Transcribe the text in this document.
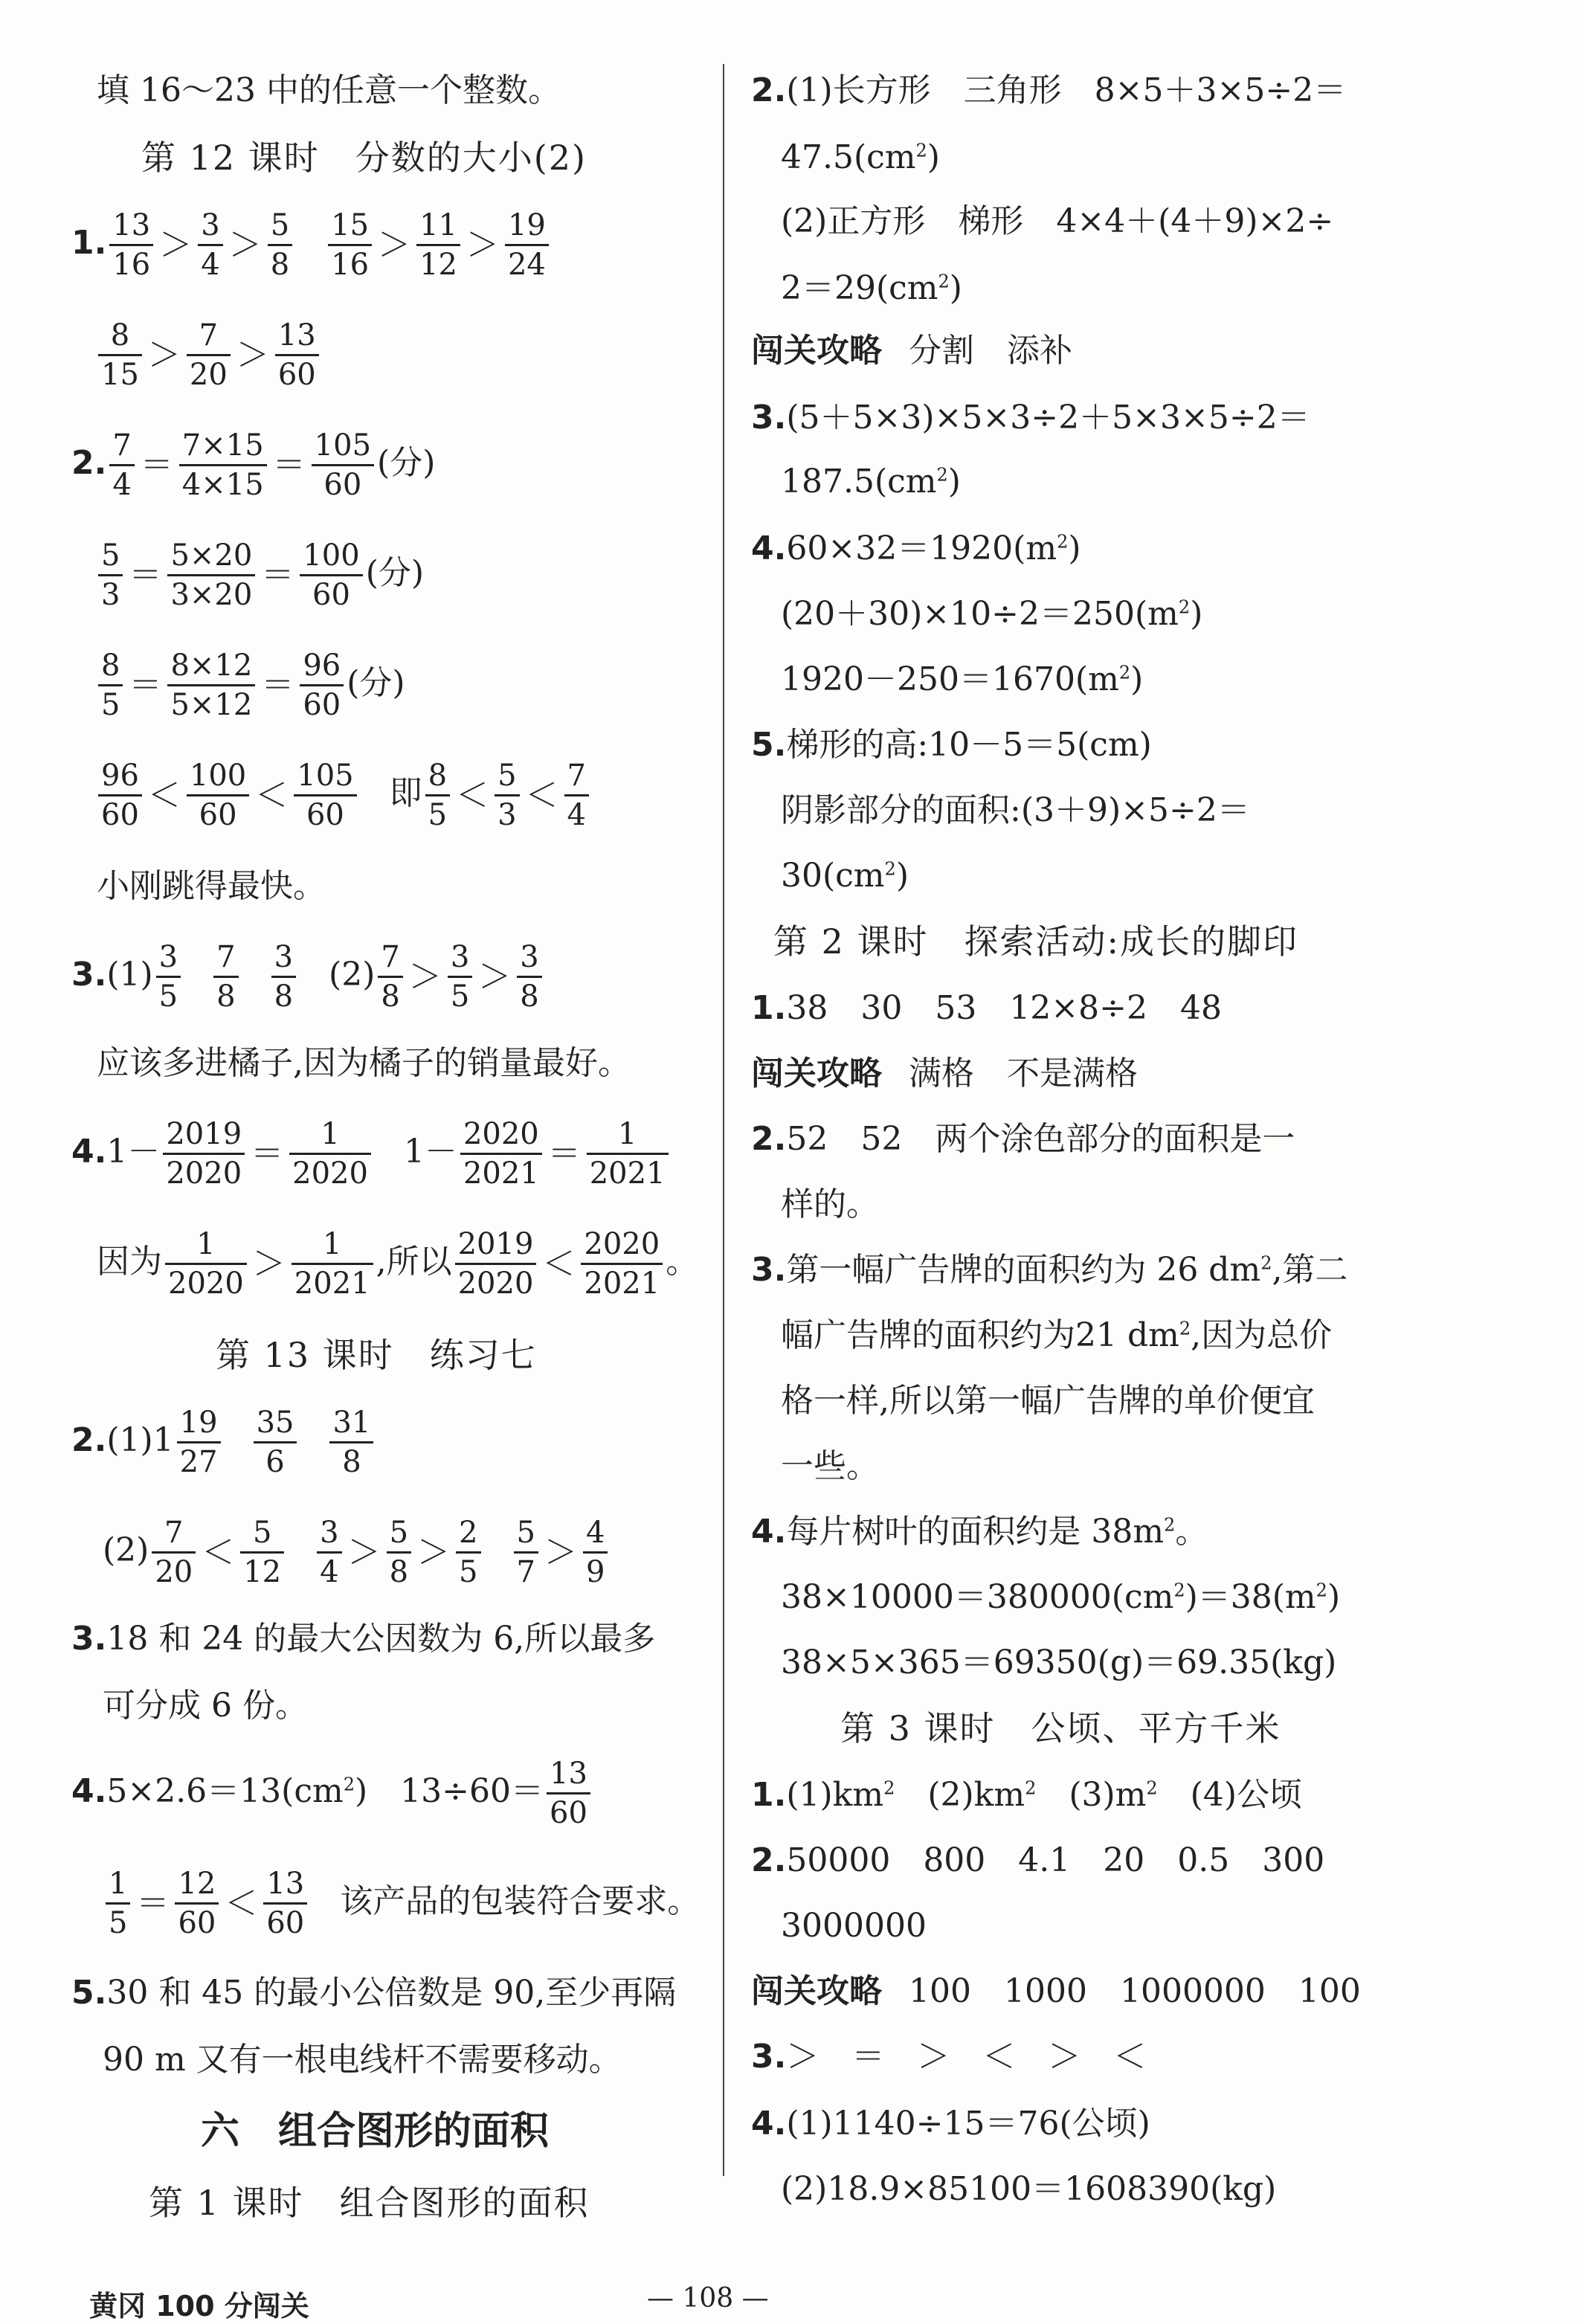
填 16～23 中的任意一个整数。
第 12 课时　分数的大小(2)
1. $\frac{13}{16} > \frac{3}{4} > \frac{5}{8} \frac{15}{16} > \frac{11}{12} > \frac{19}{24}$
$\frac{8}{15} > \frac{7}{20} > \frac{13}{60}$
2. $\frac{7}{4} = \frac{7\times 15}{4\times 15} = \frac{105}{60}$ (分)
$\frac{5}{3} = \frac{5\times 20}{3\times 20} = \frac{100}{60}$ (分)
$\frac{8}{5} = \frac{8\times 12}{5\times 12} = \frac{96}{60}$ (分)
$\frac{96}{60} < \frac{100}{60} < \frac{105}{60}$ 即 $\frac{8}{5} < \frac{5}{3} < \frac{7}{4}$
小刚跳得最快。
$3.(1) \frac{3}{5} \frac{7}{8} \frac{3}{8} (2) \frac{7}{8} > \frac{3}{5} > \frac{3}{8}$
应该多进橘子,因为橘子的销量最好。
$4.1- \frac{2019}{2020} = \frac{1}{2020} 1- \frac{2020}{2021} = \frac{1}{2021}$
因为 $\frac{1}{2020} > \frac{1}{2021}$ ,所以 $\frac{2019}{2020} < \frac{2020}{2021}$ 。
第 13 课时　练习七
$2.(1)1 \frac{19}{27} \frac{35}{6} \frac{31}{8}$
$(2) \frac{7}{20} < \frac{5}{12} \frac{3}{4} > \frac{5}{8} > \frac{2}{5} \frac{5}{7} > \frac{4}{9}$
3.18 和 24 的最大公因数为 6,所以最多
可分成 6 份。
$4.5\times 2.6=13(cm^2)$　$13\div 60= \frac{13}{60}$
$\frac{1}{5} = \frac{12}{60} < \frac{13}{60}$ 该产品的包装符合要求。
5.30 和 45 的最小公倍数是 90,至少再隔
90 m 又有一根电线杆不需要移动。
六　组合图形的面积
第 1 课时　组合图形的面积
2.(1)长方形　三角形　8×5＋3×5÷2＝
$47.5(cm^2)$
(2)正方形　梯形　4×4＋(4＋9)×2÷
$2=29(cm^2)$
闯关攻略 分割　添补
3.(5＋5×3)×5×3÷2＋5×3×5÷2＝
$187.5(cm^2)$
$4.60\times 32=1920(m^2)$
$(20+30)\times 10\div 2=250(m^2)$
$1920-250=1670(m^2)$
5.梯形的高:10－5＝5(cm)
阴影部分的面积:(3＋9)×5÷2＝
$30(cm^2)$
第 2 课时　探索活动:成长的脚印
1.38　30　53　12×8÷2　48
闯关攻略 满格　不是满格
2.52　52　两个涂色部分的面积是一
样的。
3.第一幅广告牌的面积约为 26 $dm^2$,第二
幅广告牌的面积约为21 $dm^2$,因为总价
格一样,所以第一幅广告牌的单价便宜
一些。
4.每片树叶的面积约是 $38m^2$。
$38\times 10000=380000(cm^2)=38(m^2)$
38×5×365＝69350(g)＝69.35(kg)
第 3 课时　公顷、平方千米
$1.(1)km^2$　$(2)km^2$　$(3)m^2$　(4)公顷
2.50000　800　4.1　20　0.5　300
3000000
闯关攻略 100　1000　1000000　100
3.＞　＝　＞　＜　＞　＜
4.(1)1140÷15＝76(公顷)
(2)18.9×85100＝1608390(kg)
黄冈 100 分闯关	— 108 —
